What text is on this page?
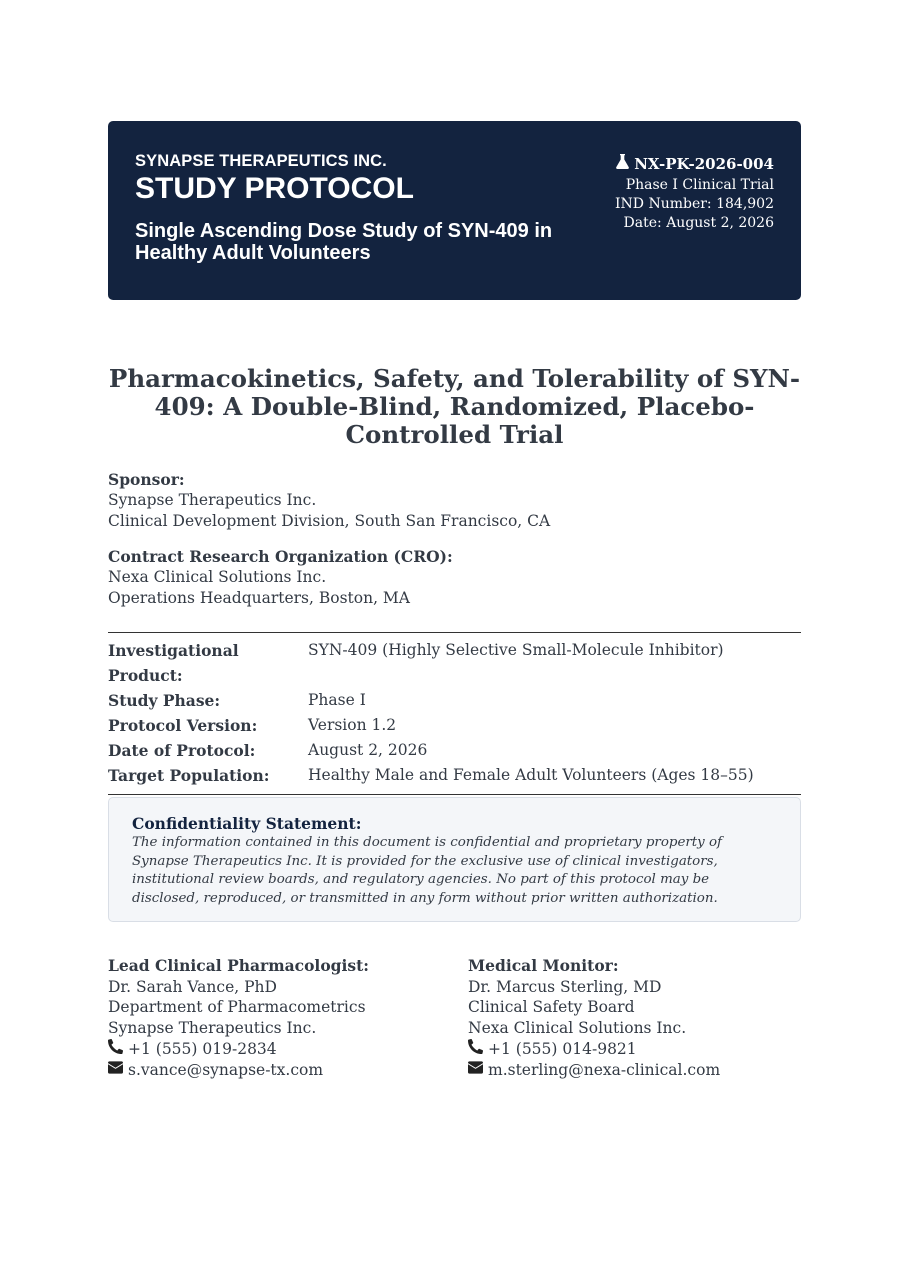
SYNAPSE THERAPEUTICS INC.
STUDY PROTOCOL
Single Ascending Dose Study of SYN-409 in Healthy Adult Volunteers
NX-PK-2026-004
Phase I Clinical Trial
IND Number: 184,902
Date: August 2, 2026
Pharmacokinetics, Safety, and Tolerability of SYN-409: A Double-Blind, Randomized, Placebo-Controlled Trial
Sponsor:
Synapse Therapeutics Inc.
Clinical Development Division, South San Francisco, CA
Contract Research Organization (CRO):
Nexa Clinical Solutions Inc.
Operations Headquarters, Boston, MA
Investigational Product:
SYN-409 (Highly Selective Small-Molecule Inhibitor)
Study Phase:	Phase I
Protocol Version:	Version 1.2
Date of Protocol:	August 2, 2026
Target Population:	Healthy Male and Female Adult Volunteers (Ages 18–55)
Confidentiality Statement:
The information contained in this document is confidential and proprietary property of Synapse Therapeutics Inc. It is provided for the exclusive use of clinical investigators, institutional review boards, and regulatory agencies. No part of this protocol may be disclosed, reproduced, or transmitted in any form without prior written authorization.
Lead Clinical Pharmacologist:
Dr. Sarah Vance, PhD
Department of Pharmacometrics
Synapse Therapeutics Inc.
+1 (555) 019-2834
s.vance@synapse-tx.com
Medical Monitor:
Dr. Marcus Sterling, MD
Clinical Safety Board
Nexa Clinical Solutions Inc.
+1 (555) 014-9821
m.sterling@nexa-clinical.com
